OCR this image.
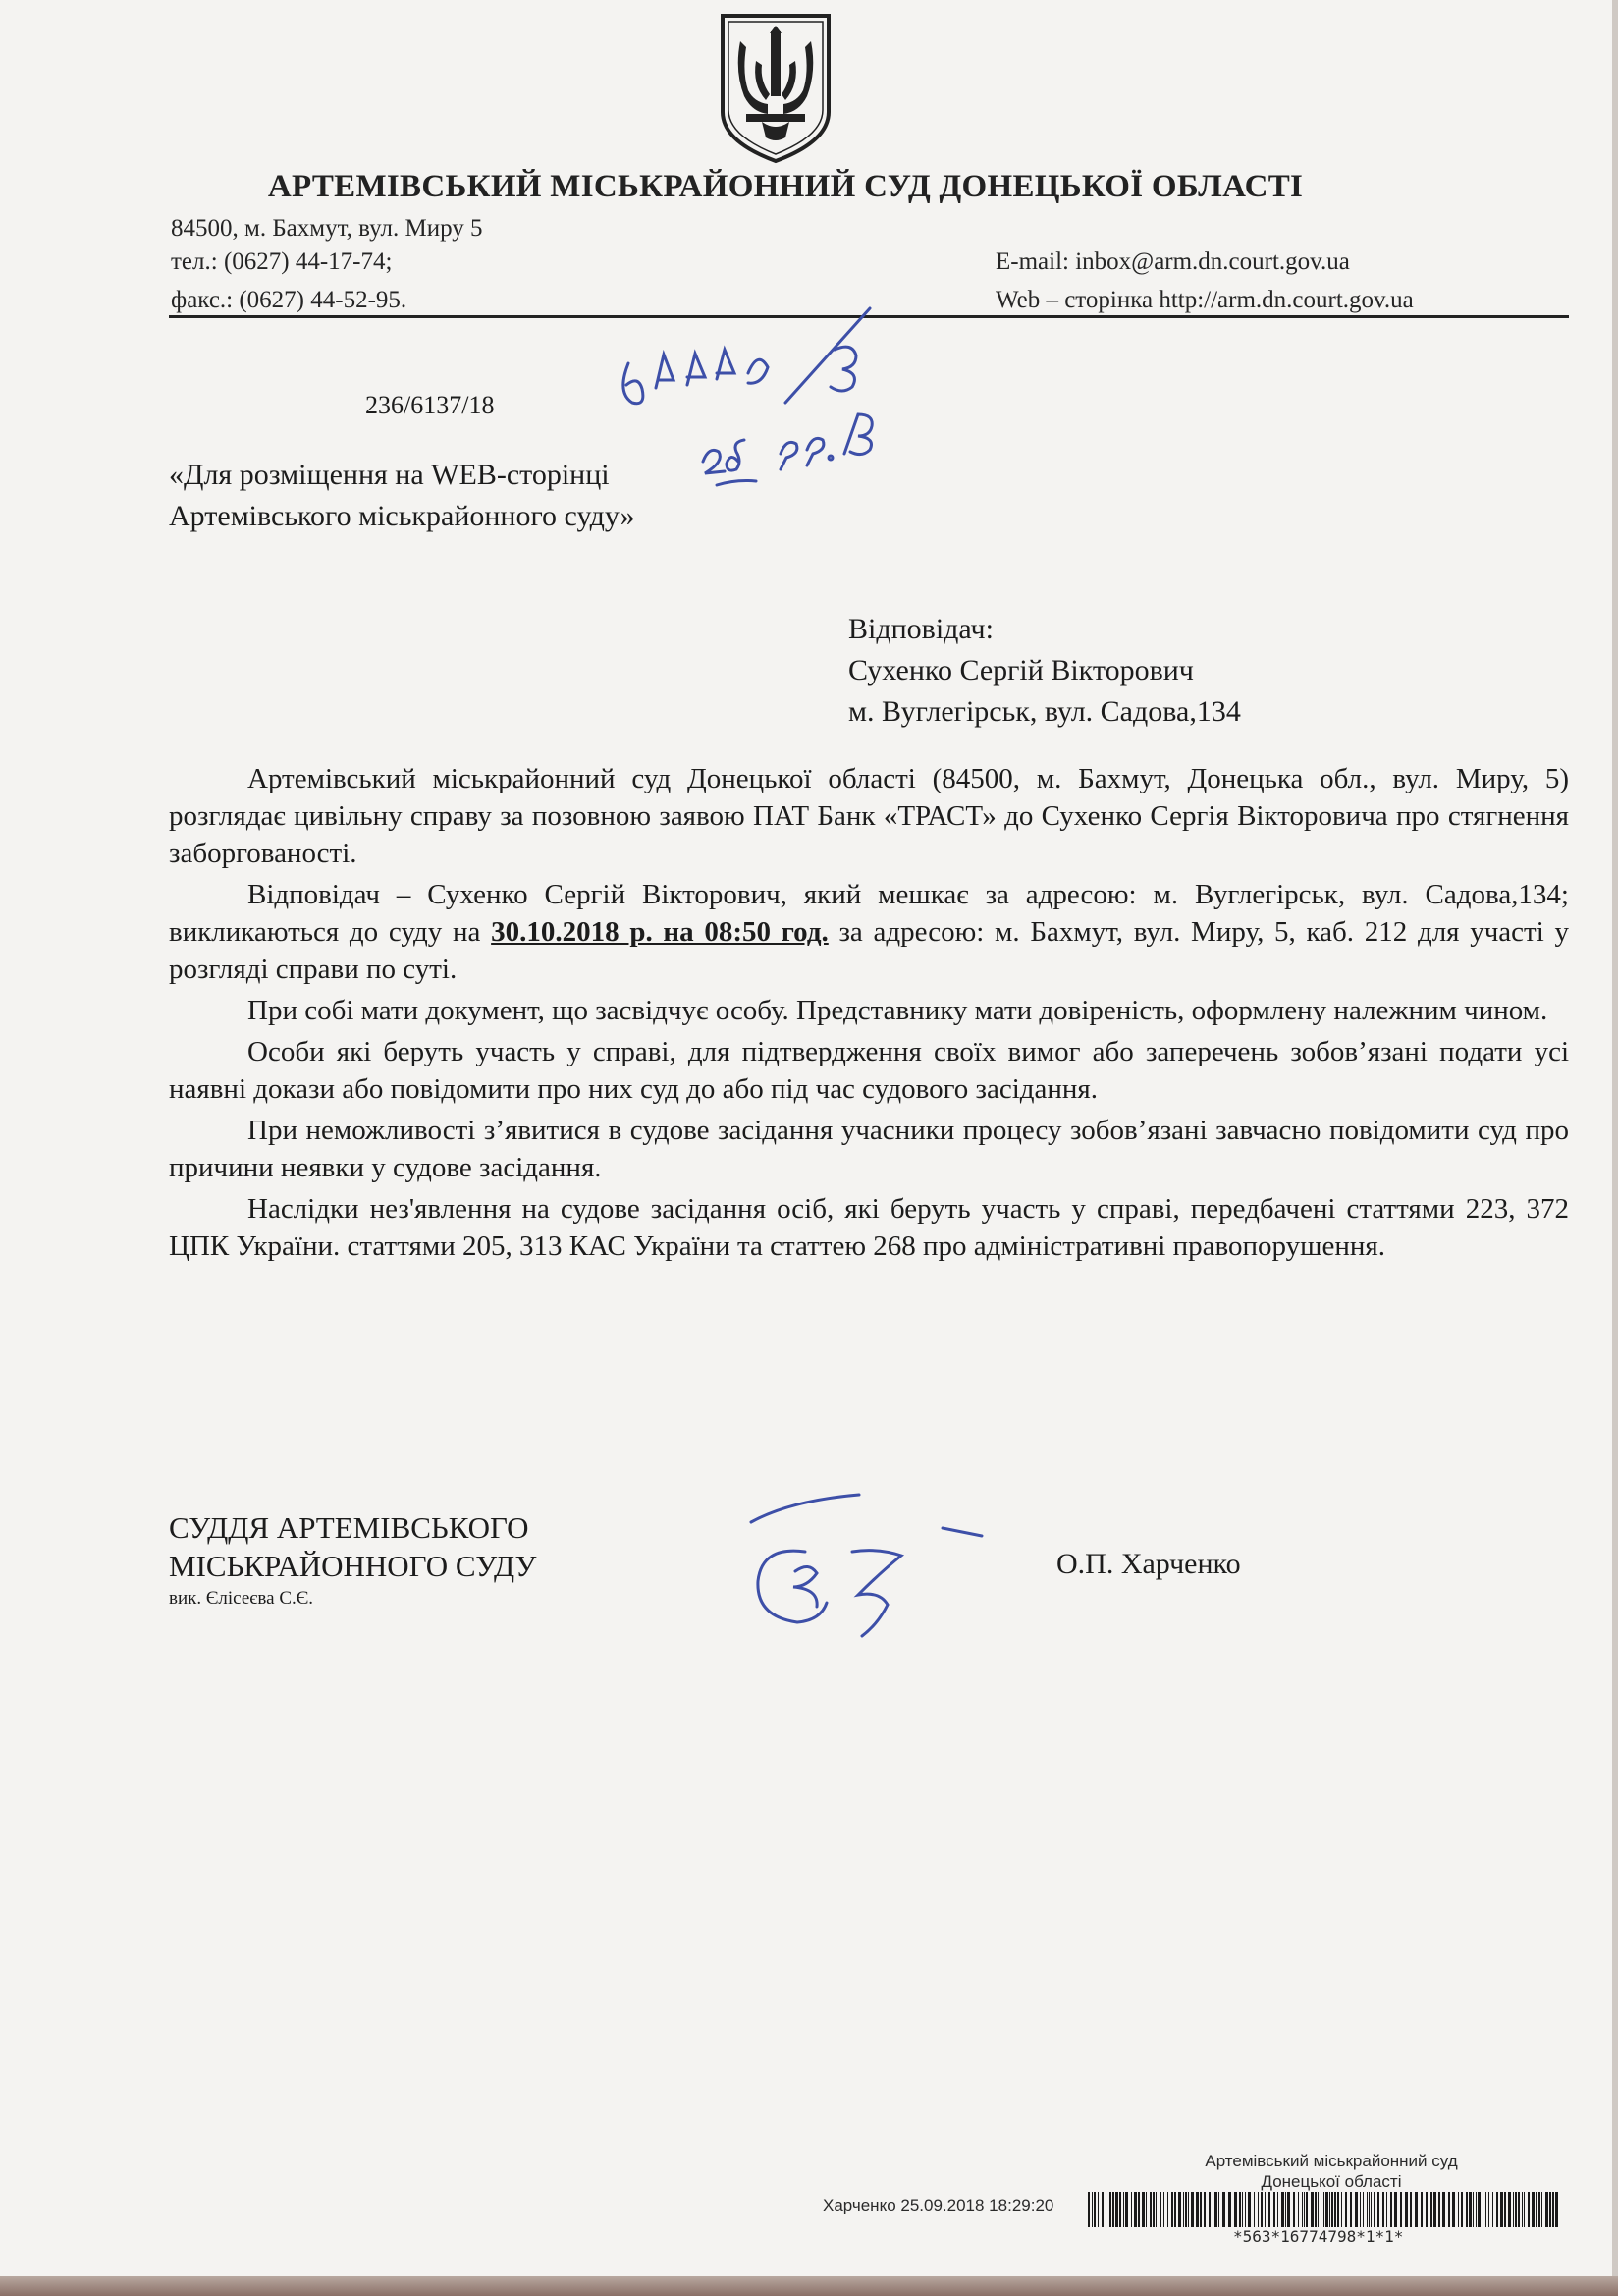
АРТЕМІВСЬКИЙ МІСЬКРАЙОННИЙ СУД ДОНЕЦЬКОЇ ОБЛАСТІ
84500, м. Бахмут, вул. Миру 5
тел.: (0627) 44-17-74;
факс.: (0627) 44-52-95.
E-mail: inbox@arm.dn.court.gov.ua
Web – сторінка http://arm.dn.court.gov.ua
236/6137/18
«Для розміщення на WEB-сторінці
Артемівського міськрайонного суду»
Відповідач:
Сухенко Сергій Вікторович
м. Вуглегірськ, вул. Садова,134

Артемівський міськрайонний суд Донецької області (84500, м. Бахмут, Донецька обл., вул. Миру, 5) розглядає цивільну справу за позовною заявою ПАТ Банк «ТРАСТ» до Сухенко Сергія Вікторовича про стягнення заборгованості.

Відповідач – Сухенко Сергій Вікторович, який мешкає за адресою: м. Вуглегірськ, вул. Садова,134; викликаються до суду на 30.10.2018 р. на 08:50 год. за адресою: м. Бахмут, вул. Миру, 5, каб. 212 для участі у розгляді справи по суті.

При собі мати документ, що засвідчує особу. Представнику мати довіреність, оформлену належним чином.

Особи які беруть участь у справі, для підтвердження своїх вимог або заперечень зобов’язані подати усі наявні докази або повідомити про них суд до або під час судового засідання.

При неможливості з’явитися в судове засідання учасники процесу зобов’язані завчасно повідомити суд про причини неявки у судове засідання.

Наслідки нез'явлення на судове засідання осіб, які беруть участь у справі, передбачені статтями 223, 372 ЦПК України. статтями 205, 313 КАС України та статтею 268 про адміністративні правопорушення.

СУДДЯ АРТЕМІВСЬКОГО
МІСЬКРАЙОННОГО СУДУ
вик. Єлісеєва С.Є.
О.П. Харченко
Артемівський міськрайонний суд
Донецької області
Харченко 25.09.2018 18:29:20
*563*16774798*1*1*
